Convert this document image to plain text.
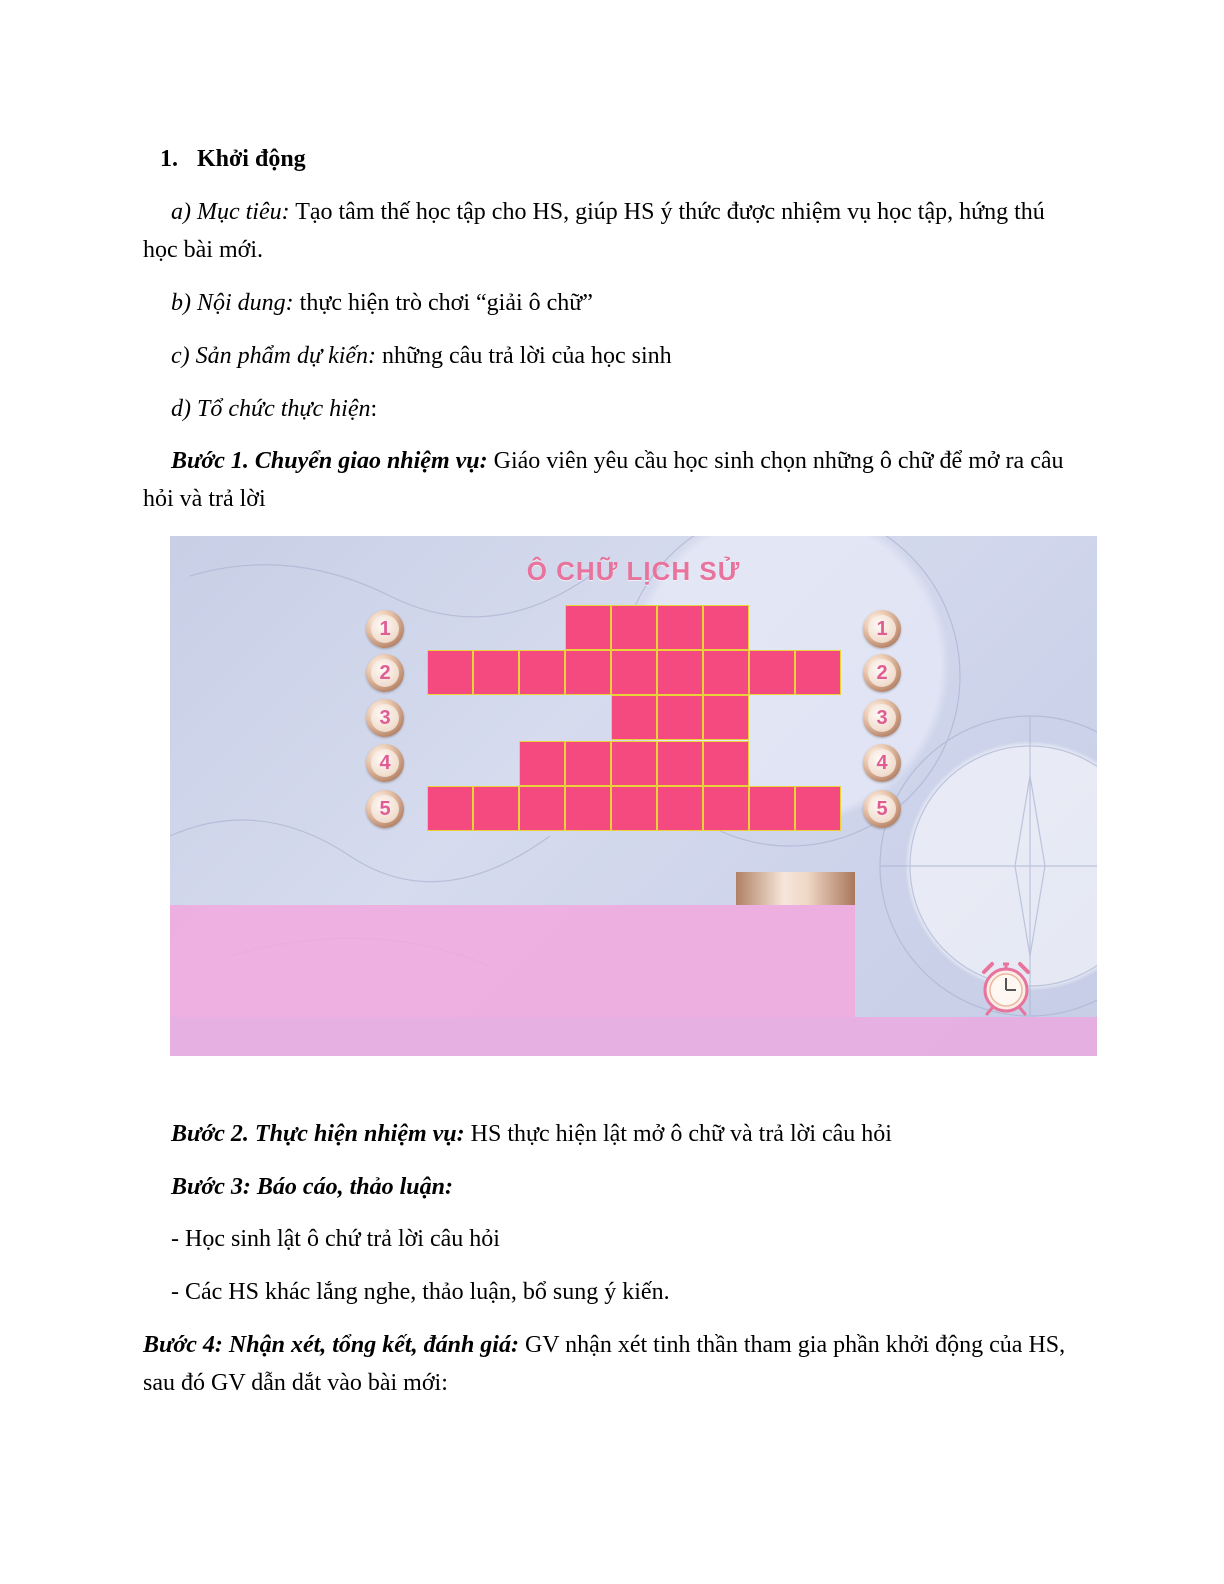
1. Khởi động

a) Mục tiêu: Tạo tâm thế học tập cho HS, giúp HS ý thức được nhiệm vụ học tập, hứng thú học bài mới.

b) Nội dung: thực hiện trò chơi “giải ô chữ”

c) Sản phẩm dự kiến: những câu trả lời của học sinh

d) Tổ chức thực hiện:

Bước 1. Chuyển giao nhiệm vụ: Giáo viên yêu cầu học sinh chọn những ô chữ để mở ra câu hỏi và trả lời

Ô CHỮ LỊCH SỬ
1
2
3
4
5
1
2
3
4
5

Bước 2. Thực hiện nhiệm vụ: HS thực hiện lật mở ô chữ và trả lời câu hỏi

Bước 3: Báo cáo, thảo luận:

- Học sinh lật ô chứ trả lời câu hỏi

- Các HS khác lắng nghe, thảo luận, bổ sung ý kiến.

Bước 4: Nhận xét, tổng kết, đánh giá: GV nhận xét tinh thần tham gia phần khởi động của HS, sau đó GV dẫn dắt vào bài mới:
